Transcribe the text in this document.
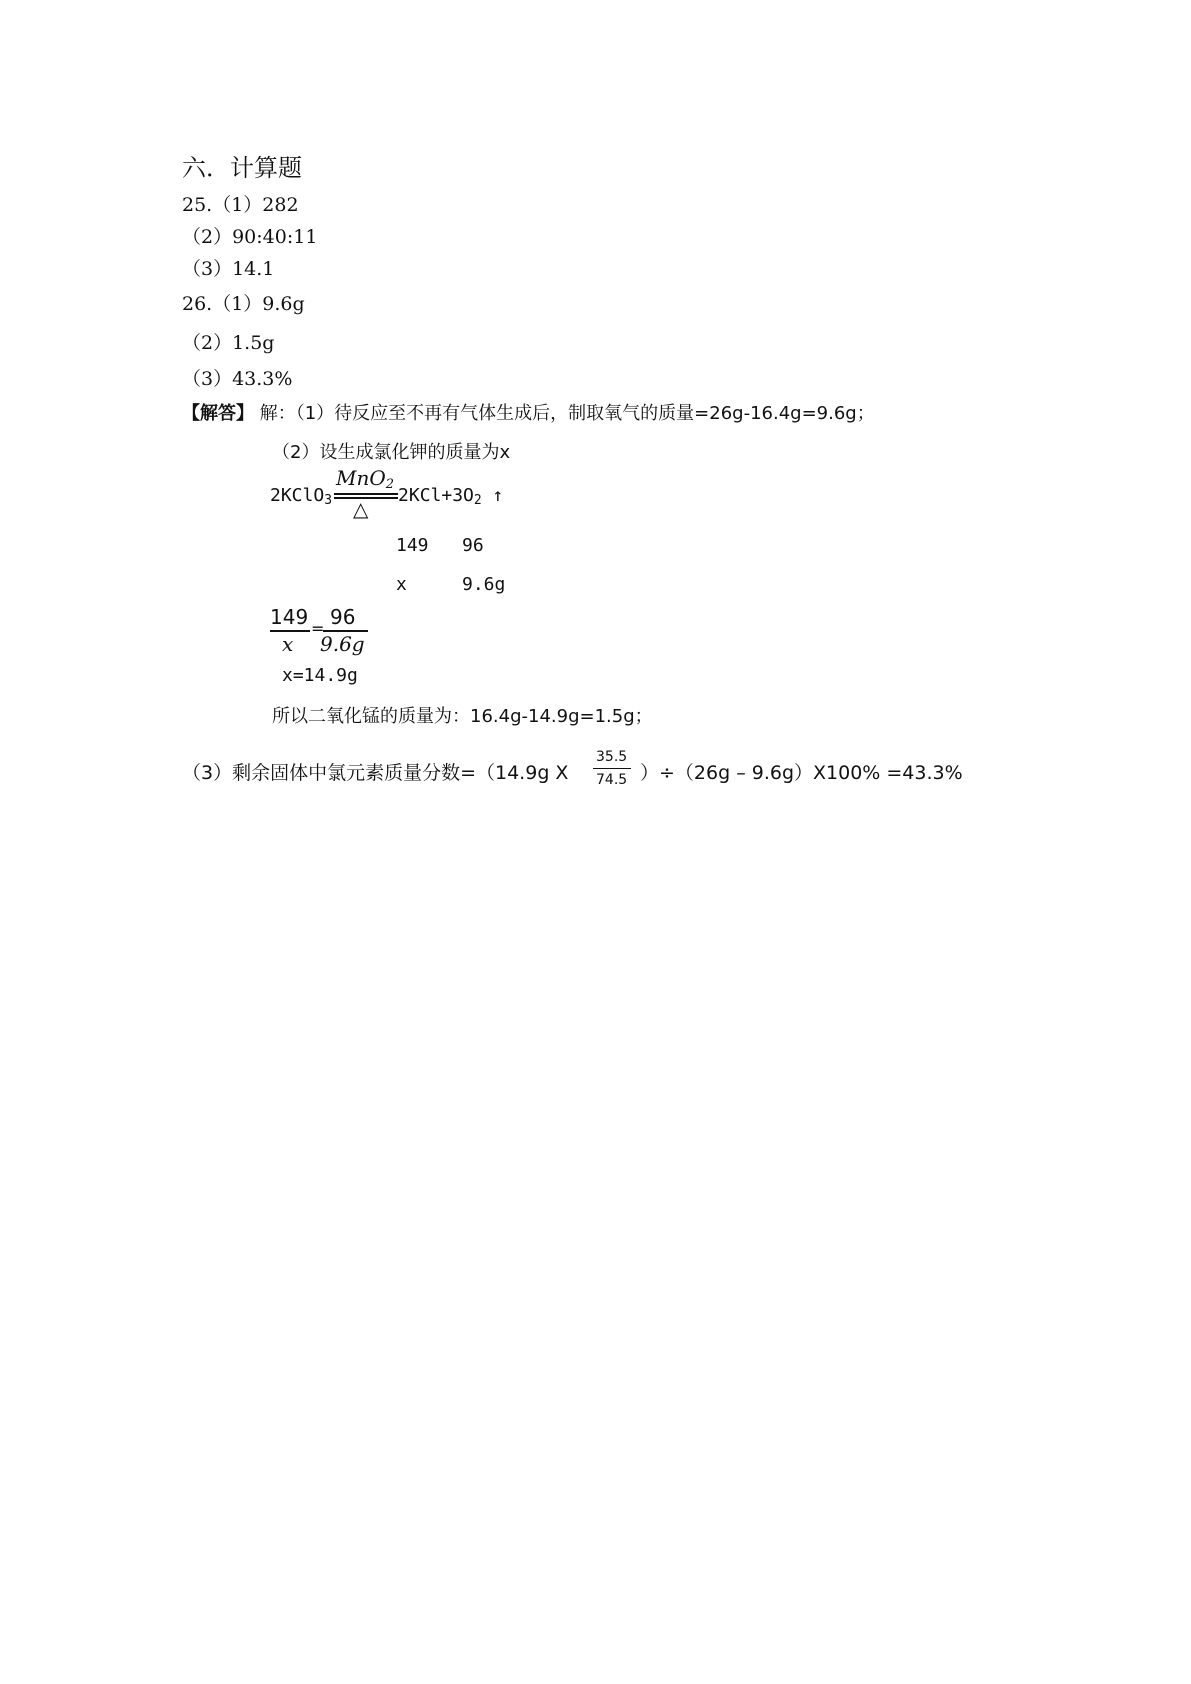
六．计算题
25.（1）282
（2）90:40:11
（3）14.1
26.（1）9.6g
（2）1.5g
（3）43.3%
【解答】 解：（1）待反应至不再有气体生成后，制取氧气的质量=26g-16.4g=9.6g；
（2）设生成氯化钾的质量为x
2KClO$_3$	$2KCl+3O_2$ ↑
MnO$_2$
△
149 96
x	9.6g
149
x
= 96
9.6g
x=14.9g
所以二氧化锰的质量为：16.4g-14.9g=1.5g；
（3）剩余固体中氯元素质量分数=（14.9g X
35.5
74.5 ）÷（26g – 9.6g）X100% =43.3%
